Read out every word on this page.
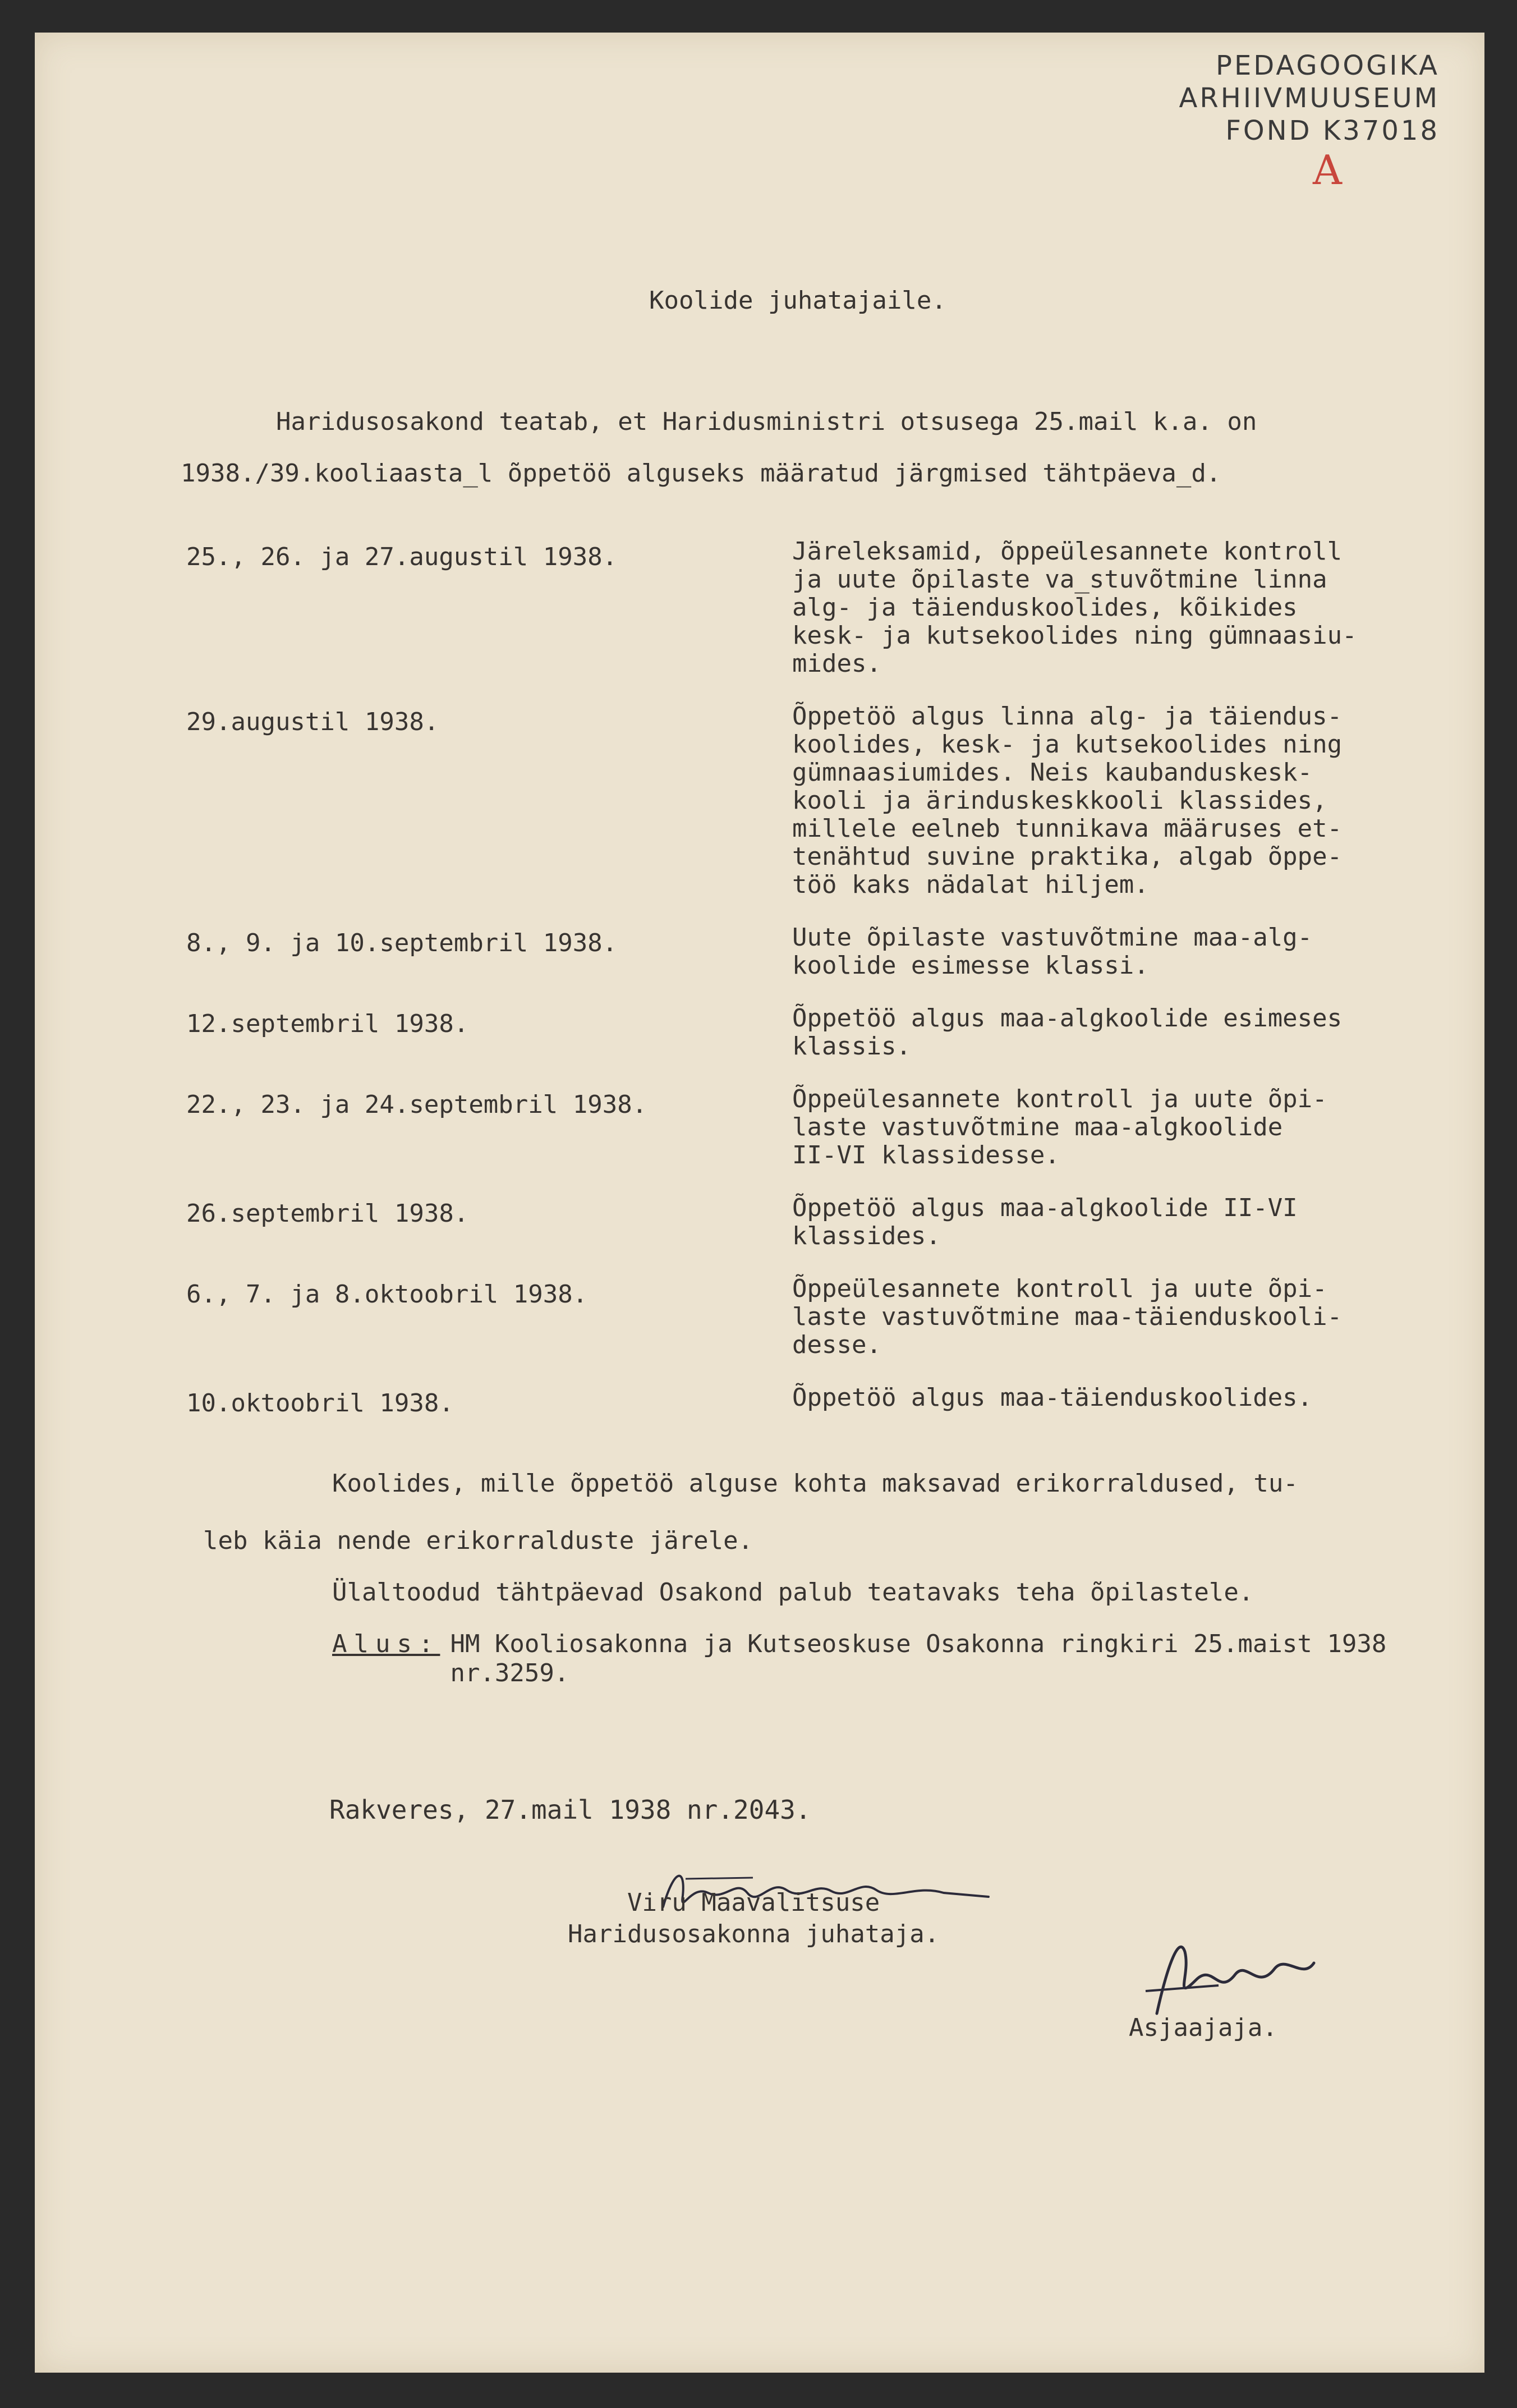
PEDAGOOGIKA
ARHIIVMUUSEUM
FOND K37018
A
Koolide juhatajaile.

Haridusosakond teatab, et Haridusministri otsusega 25.mail k.a. on

1938./39.kooliaasta_l õppetöö alguseks määratud järgmised tähtpäeva_d.

25., 26. ja 27.augustil 1938.	Järeleksamid, õppeülesannete kontroll
ja uute õpilaste va_stuvõtmine linna
alg- ja täienduskoolides, kõikides
kesk- ja kutsekoolides ning gümnaasiu-
mides.
29.augustil 1938.	Õppetöö algus linna alg- ja täiendus-
koolides, kesk- ja kutsekoolides ning
gümnaasiumides. Neis kaubanduskesk-
kooli ja ärinduskeskkooli klassides,
millele eelneb tunnikava määruses et-
tenähtud suvine praktika, algab õppe-
töö kaks nädalat hiljem.
8., 9. ja 10.septembril 1938.	Uute õpilaste vastuvõtmine maa-alg-
koolide esimesse klassi.
12.septembril 1938.	Õppetöö algus maa-algkoolide esimeses
klassis.
22., 23. ja 24.septembril 1938.	Õppeülesannete kontroll ja uute õpi-
laste vastuvõtmine maa-algkoolide
II-VI klassidesse.
26.septembril 1938.	Õppetöö algus maa-algkoolide II-VI
klassides.
6., 7. ja 8.oktoobril 1938.	Õppeülesannete kontroll ja uute õpi-
laste vastuvõtmine maa-täienduskooli-
desse.
10.oktoobril 1938.	Õppetöö algus maa-täienduskoolides.

Koolides, mille õppetöö alguse kohta maksavad erikorraldused, tu-

leb käia nende erikorralduste järele.

Ülaltoodud tähtpäevad Osakond palub teatavaks teha õpilastele.

Alus: HM Kooliosakonna ja Kutseoskuse Osakonna ringkiri 25.maist 1938 nr.3259.
Rakveres, 27.mail 1938 nr.2043.
Viru Maavalitsuse
Haridusosakonna juhataja.
Asjaajaja.
